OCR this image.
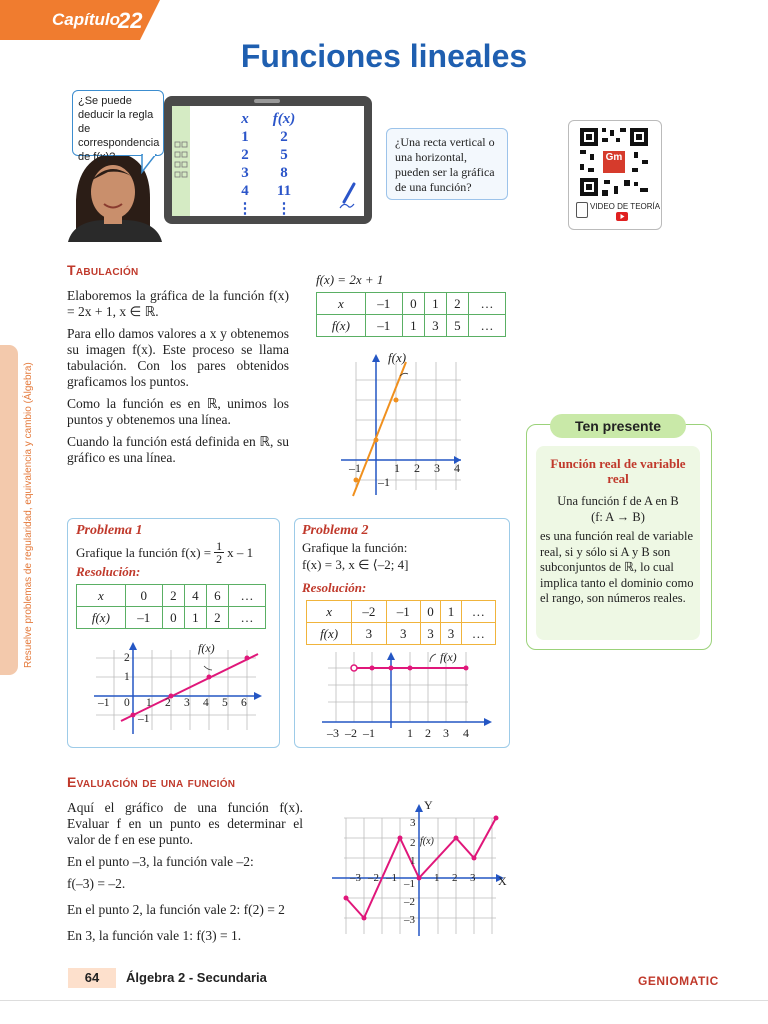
Capítulo
22
Funciones lineales
¿Se puede deducir la regla de correspondencia de f(x)?
x	f(x)
1	2
2	5
3	8
4	11
⋮	⋮
¿Una recta vertical o una horizontal, pueden ser la gráfica de una función?
Gm
VIDEO DE TEORÍA
Resuelve problemas de regularidad, equivalencia y cambio (Álgebra)
Tabulación

Elaboremos la gráfica de la función f(x) = 2x + 1, x ∈ ℝ.

Para ello damos valores a x y obtenemos su imagen f(x). Este proceso se llama tabulación. Con los pares obtenidos graficamos los puntos.

Como la función es en ℝ, unimos los puntos y obtenemos una línea.

Cuando la función está definida en ℝ, su gráfico es una línea.

f(x) = 2x + 1
x	–1	0	1	2	…
f(x)	–1	1	3	5	…
f(x)
–1	1 2 3 4
–1
Problema 1
Grafique la función $f(x) = \frac{1}{2}$ x – 1
Resolución:
x	0	2	4	6	…
f(x)	–1	0	1	2	…
f(x)
–1 0 1 2 3 4 5 6
2
1
–1
Problema 2
Grafique la función:
f(x) = 3, x ∈ ⟨–2; 4]
Resolución:
x	–2	–1	0	1	…
f(x)	3	3	3	3	…
f(x)
–3 –2 –1	1 2 3 4
Ten presente
Función real de variable real
Una función f de A en B
(f: A → B)
es una función real de variable real, si y sólo si A y B son subconjuntos de ℝ, lo cual implica tanto el dominio como el rango, son números reales.
Evaluación de una función

Aquí el gráfico de una función f(x). Evaluar f en un punto es determinar el valor de f en ese punto.

En el punto –3, la función vale –2:

f(–3) = –2.

En el punto 2, la función vale 2: f(2) = 2

En 3, la función vale 1: f(3) = 1.

Y
X
f(x)
–3 –2 –1	1 2 3
3
2
1
–1
–2
–3
64	Álgebra 2 - Secundaria	GENIOMATIC
